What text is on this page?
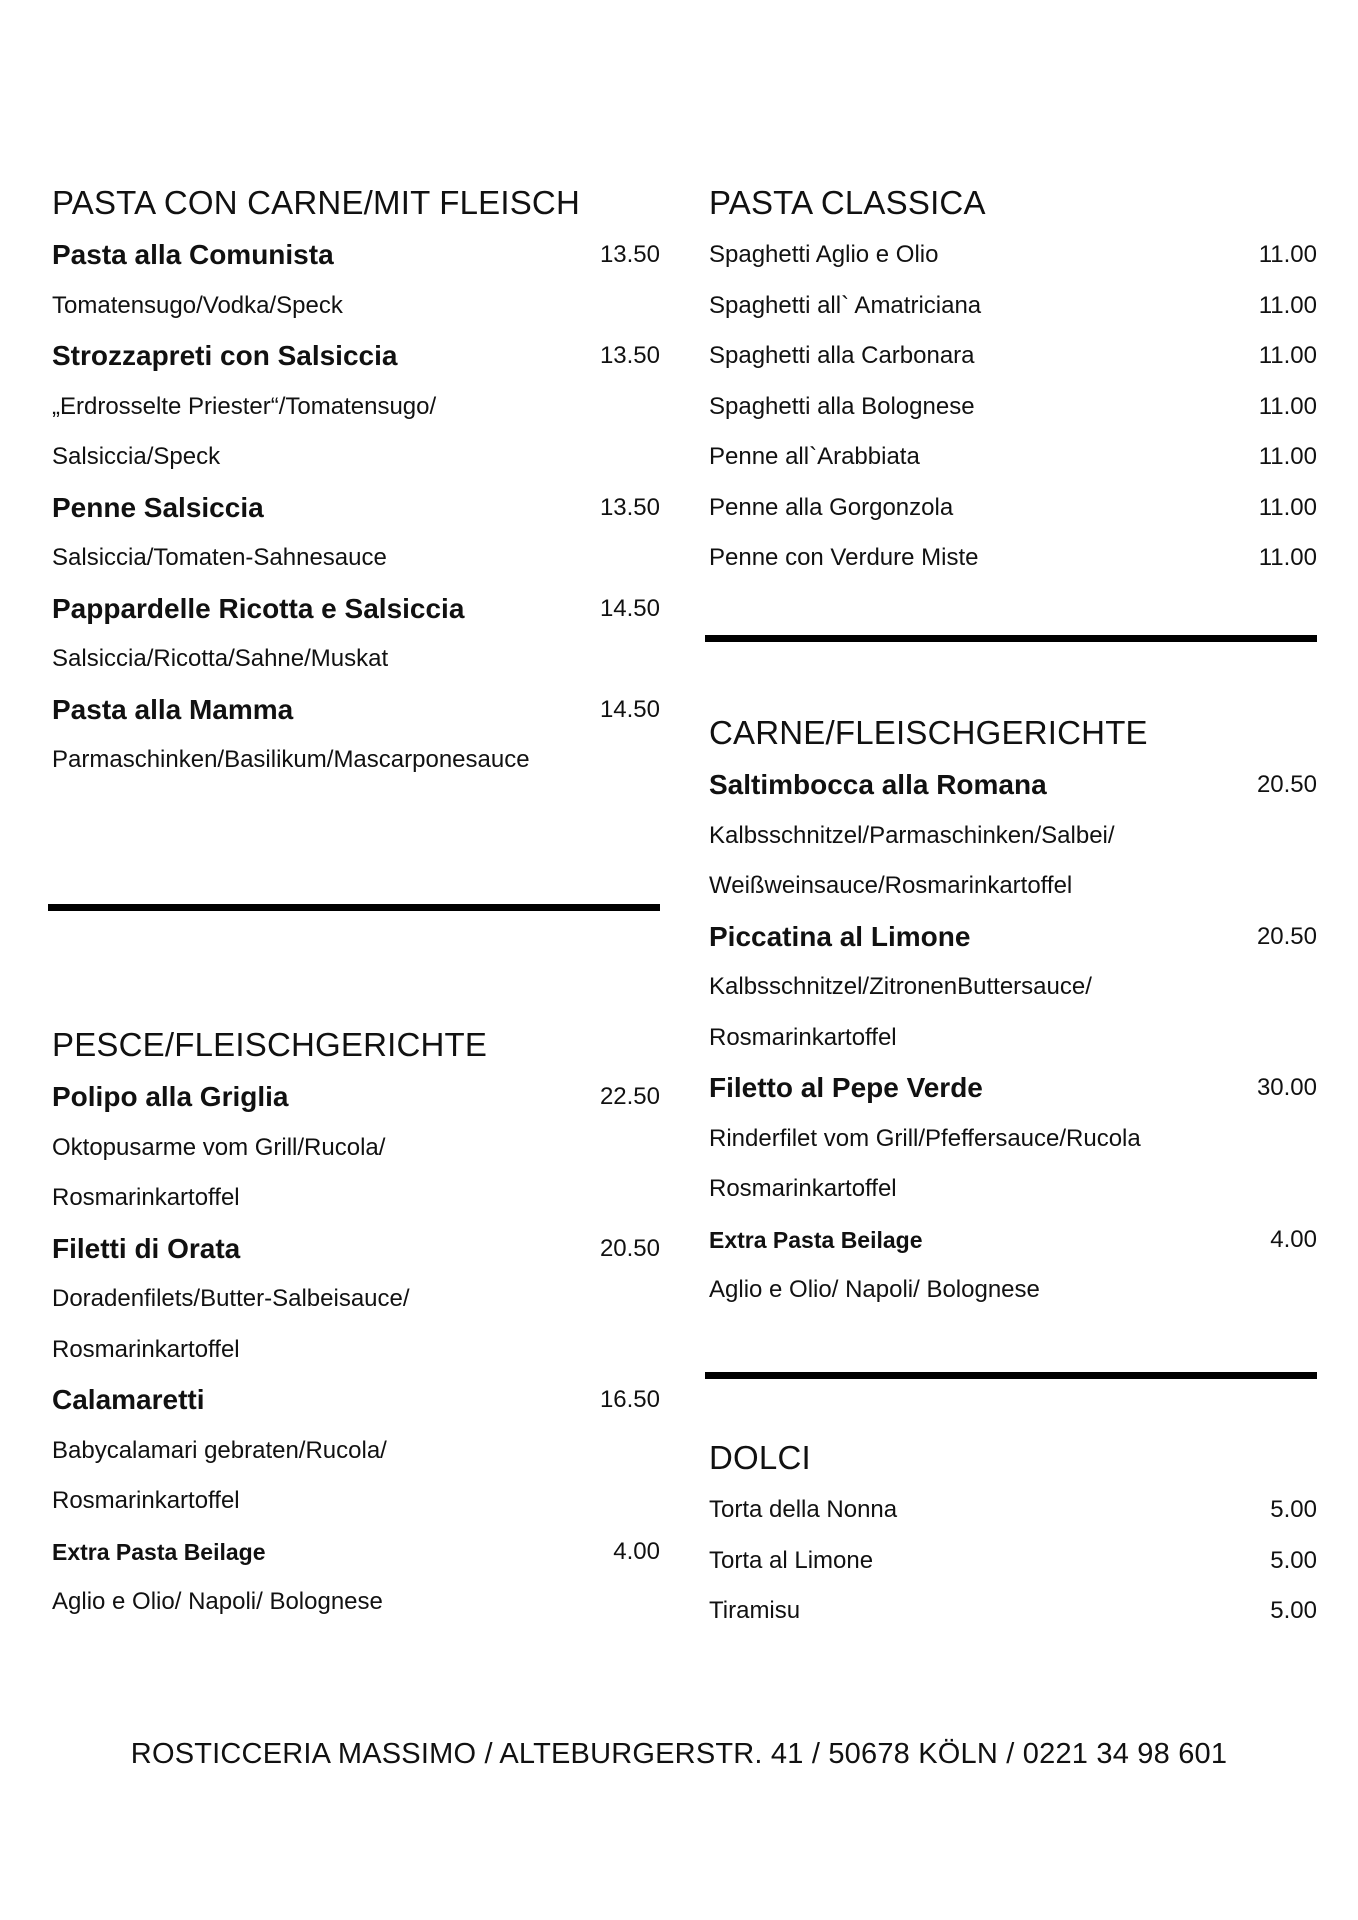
PASTA CON CARNE/MIT FLEISCH
Pasta alla Comunista	13.50
Tomatensugo/Vodka/Speck
Strozzapreti con Salsiccia	13.50
„Erdrosselte Priester“/Tomatensugo/
Salsiccia/Speck
Penne Salsiccia	13.50
Salsiccia/Tomaten-Sahnesauce
Pappardelle Ricotta e Salsiccia	14.50
Salsiccia/Ricotta/Sahne/Muskat
Pasta alla Mamma	14.50
Parmaschinken/Basilikum/Mascarponesauce
PESCE/FLEISCHGERICHTE
Polipo alla Griglia	22.50
Oktopusarme vom Grill/Rucola/
Rosmarinkartoffel
Filetti di Orata	20.50
Doradenfilets/Butter-Salbeisauce/
Rosmarinkartoffel
Calamaretti	16.50
Babycalamari gebraten/Rucola/
Rosmarinkartoffel
Extra Pasta Beilage	4.00
Aglio e Olio/ Napoli/ Bolognese
PASTA CLASSICA
Spaghetti Aglio e Olio	11.00
Spaghetti all` Amatriciana	11.00
Spaghetti alla Carbonara	11.00
Spaghetti alla Bolognese	11.00
Penne all`Arabbiata	11.00
Penne alla Gorgonzola	11.00
Penne con Verdure Miste	11.00
CARNE/FLEISCHGERICHTE
Saltimbocca alla Romana	20.50
Kalbsschnitzel/Parmaschinken/Salbei/
Weißweinsauce/Rosmarinkartoffel
Piccatina al Limone	20.50
Kalbsschnitzel/ZitronenButtersauce/
Rosmarinkartoffel
Filetto al Pepe Verde	30.00
Rinderfilet vom Grill/Pfeffersauce/Rucola
Rosmarinkartoffel
Extra Pasta Beilage	4.00
Aglio e Olio/ Napoli/ Bolognese
DOLCI
Torta della Nonna	5.00
Torta al Limone	5.00
Tiramisu	5.00
ROSTICCERIA MASSIMO / ALTEBURGERSTR. 41 / 50678 KÖLN / 0221 34 98 601
